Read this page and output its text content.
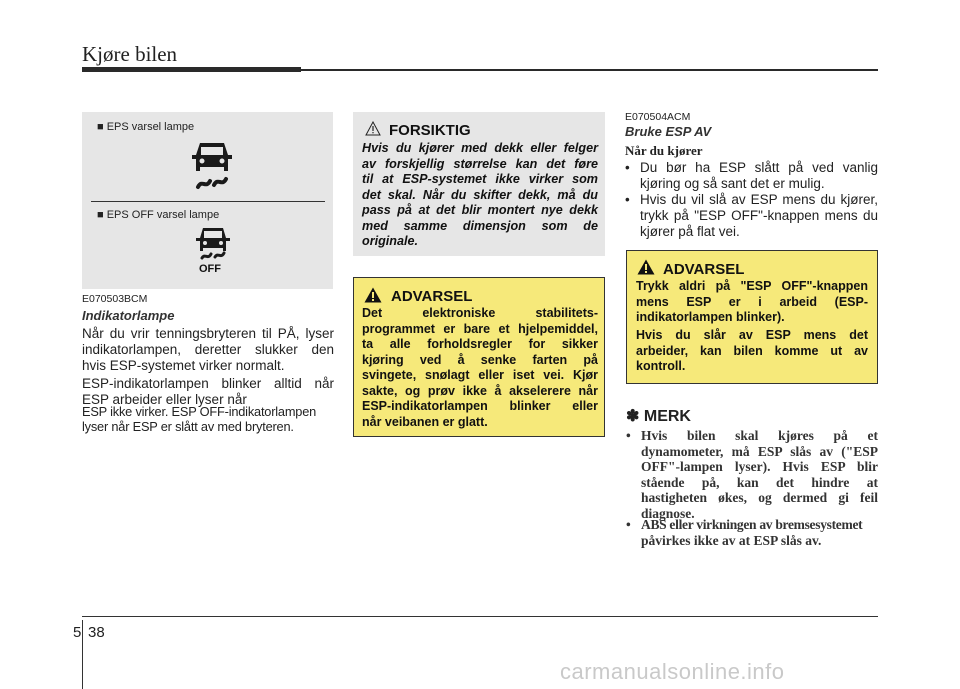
Kjøre bilen
■ EPS varsel lampe
■ EPS OFF varsel lampe
OFF
E070503BCM
Indikatorlampe
Når du vrir tenningsbryteren til PÅ, lyser
indikatorlampen, deretter slukker den
hvis ESP-systemet virker normalt.
ESP-indikatorlampen blinker alltid når
ESP arbeider eller lyser når
ESP ikke virker. ESP OFF-indikatorlampen
lyser når ESP er slått av med bryteren.
FORSIKTIG
Hvis du kjører med dekk eller felger
av forskjellig størrelse kan det føre
til at ESP-systemet ikke virker som
det skal. Når du skifter dekk, må du
pass på at det blir montert nye dekk
med samme dimensjon som de
originale.
ADVARSEL
Det elektroniske stabilitets-
programmet er bare et hjelpemiddel,
ta alle forholdsregler for sikker
kjøring ved å senke farten på
svingete, snølagt eller iset vei. Kjør
sakte, og prøv ikke å akselerere når
ESP-indikatorlampen blinker eller
når veibanen er glatt.
E070504ACM
Bruke ESP AV
Når du kjører
• Du bør ha ESP slått på ved vanlig
kjøring og så sant det er mulig.
• Hvis du vil slå av ESP mens du kjører,
trykk på "ESP OFF"-knappen mens du
kjører på flat vei.
ADVARSEL
Trykk aldri på "ESP OFF"-knappen
mens ESP er i arbeid (ESP-
indikatorlampen blinker).
Hvis du slår av ESP mens det
arbeider, kan bilen komme ut av
kontroll.
✽ MERK
• Hvis bilen skal kjøres på et
dynamometer, må ESP slås av ("ESP
OFF"-lampen lyser). Hvis ESP blir
stående på, kan det hindre at
hastigheten økes, og dermed gi feil
diagnose.
• ABS eller virkningen av bremsesystemet
påvirkes ikke av at ESP slås av.
5 38
carmanualsonline.info
